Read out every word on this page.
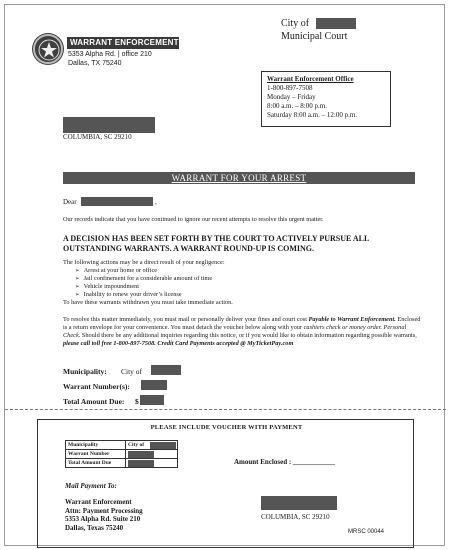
WARRANT ENFORCEMENT
5353 Alpha Rd. | office 210
Dallas, TX 75240
City of
Municipal Court
Warrant Enforcement Office
1-800-897-7508
Monday – Friday
8:00 a.m. – 8:00 p.m.
Saturday 8:00 a.m. – 12:00 p.m.
COLUMBIA, SC 29210
WARRANT FOR YOUR ARREST
Dear	,
Our records indicate that you have continued to ignore our recent attempts to resolve this urgent matter.
A DECISION HAS BEEN SET FORTH BY THE COURT TO ACTIVELY PURSUE ALL OUTSTANDING WARRANTS. A WARRANT ROUND-UP IS COMING.
The following actions may be a direct result of your negligence:
➢ Arrest at your home or office
➢ Jail confinement for a considerable amount of time
➢ Vehicle impoundment
➢ Inability to renew your driver’s license
To have these warrants withdrawn you must take immediate action.
To resolve this matter immediately, you must mail or personally deliver your fines and court cost Payable to Warrant Enforcement. Enclosed is a return envelope for your convenience. You must detach the voucher below along with your cashiers check or money order. Personal Check. Should there be any additional inquiries regarding this notice, or if you would like to obtain information regarding possible warrants, please call toll free 1-800-897-7508. Credit Card Payments accepted @ MyTicketPay.com
Municipality: City of
Warrant Number(s):
Total Amount Due: $
PLEASE INCLUDE VOUCHER WITH PAYMENT
Municipality	City of

Warrant Number	

Total Amount Due		Amount Enclosed : ____________
Mail Payment To:
Warrant Enforcement
Attn: Payment Processing
5353 Alpha Rd. Suite 210
Dallas, Texas 75240
COLUMBIA, SC 29210
MRSC 00044
